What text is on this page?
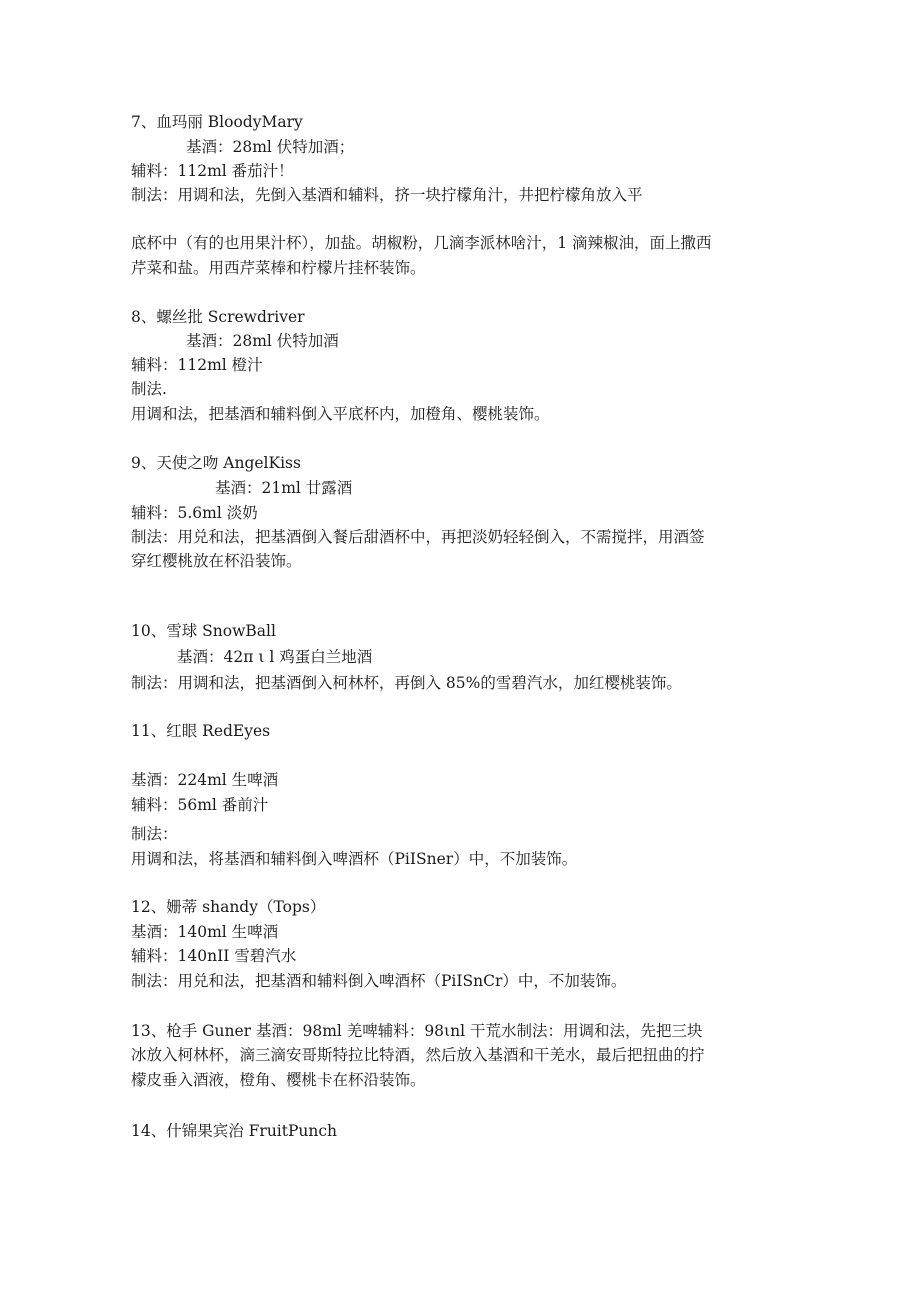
7、血玛丽 BloodyMary

基酒：28ml 伏特加酒；

辅料：112ml 番茄汁！

制法：用调和法，先倒入基酒和辅料，挤一块拧檬角汁，井把柠檬角放入平

底杯中（有的也用果汁杯），加盐。胡椒粉，几滴李派林啥汁，1 滴辣椒油，面上撒西

芹菜和盐。用西芹菜棒和柠檬片挂杯装饰。

8、螺丝批 Screwdriver

基酒：28ml 伏特加酒

辅料：112ml 橙汁

制法.

用调和法，把基酒和辅料倒入平底杯内，加橙角、樱桃装饰。

9、天使之吻 AngelKiss

基酒：21ml 廿露酒

辅料：5.6ml 淡奶

制法：用兑和法，把基酒倒入餐后甜酒杯中，再把淡奶轻轻倒入，不需搅拌，用酒签

穿红樱桃放在杯沿装饰。

10、雪球 SnowBall

基酒：42π ι l 鸡蛋白兰地酒

制法：用调和法，把基酒倒入柯林杯，再倒入 85%的雪碧汽水，加红樱桃装饰。

11、红眼 RedEyes

基酒：224ml 生啤酒

辅料：56ml 番前汁

制法：

用调和法，将基酒和辅料倒入啤酒杯（PiISner）中，不加装饰。

12、姗蒂 shandy（Tops）

基酒：140ml 生啤酒

辅料：140nII 雪碧汽水

制法：用兑和法，把基酒和辅料倒入啤酒杯（PiISnCr）中，不加装饰。

13、枪手 Guner 基酒：98ml 羌啤辅料：98ιnl 干荒水制法：用调和法，先把三块

冰放入柯林杯，滴三滴安哥斯特拉比特酒，然后放入基酒和干羌水，最后把扭曲的拧

檬皮垂入酒液，橙角、樱桃卡在杯沿装饰。

14、什锦果宾治 FruitPunch
